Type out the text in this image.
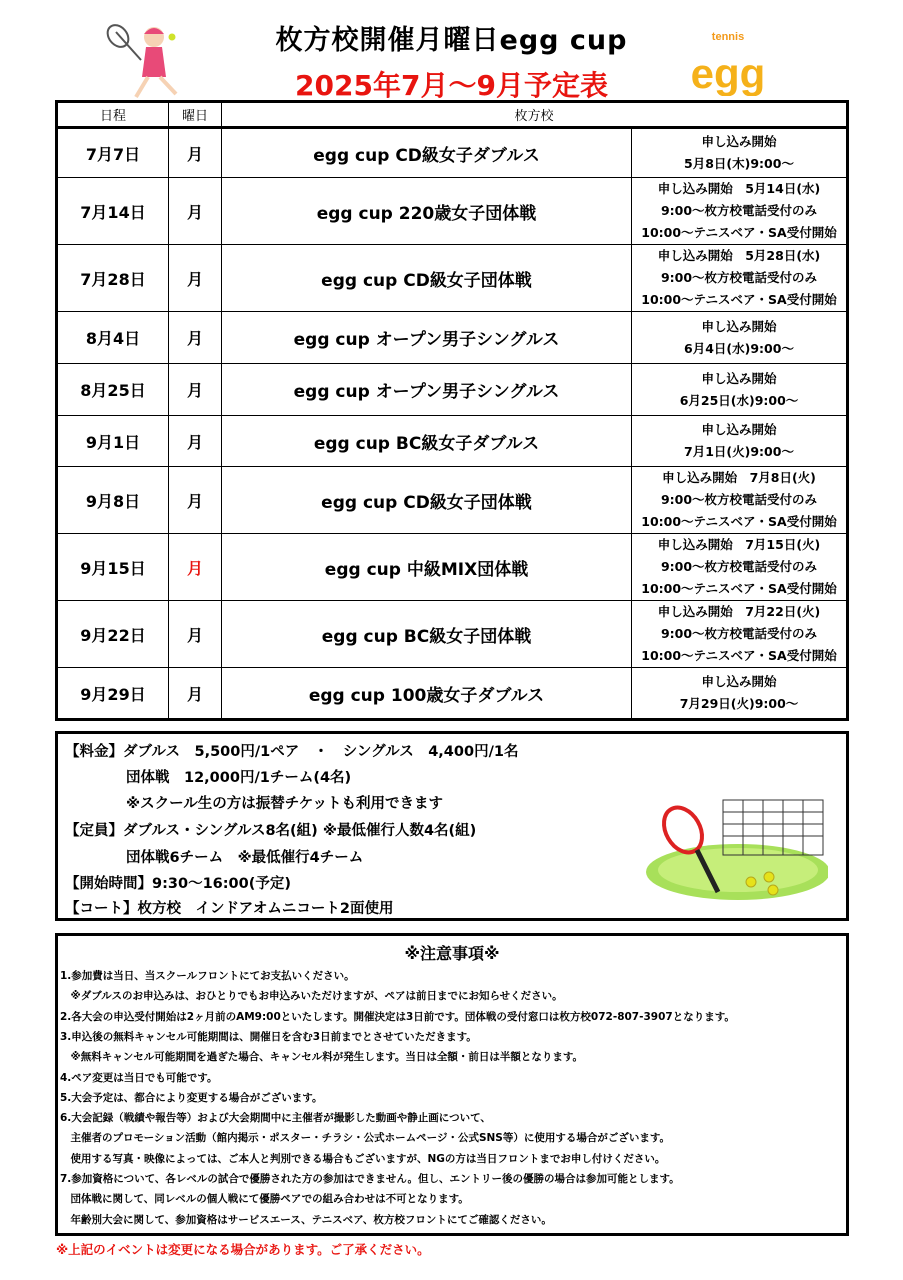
枚方校開催月曜日egg cup
2025年7月～9月予定表
tennis
egg
日程	曜日	枚方校	
7月7日	月	egg cup CD級女子ダブルス	申し込み開始
5月8日(木)9:00～

7月14日	月	egg cup 220歳女子団体戦	申し込み開始　5月14日(水)
9:00～枚方校電話受付のみ
10:00～テニスベア・SA受付開始

7月28日	月	egg cup CD級女子団体戦	申し込み開始　5月28日(水)
9:00～枚方校電話受付のみ
10:00～テニスベア・SA受付開始

8月4日	月	egg cup オープン男子シングルス	申し込み開始
6月4日(水)9:00～

8月25日	月	egg cup オープン男子シングルス	申し込み開始
6月25日(水)9:00～

9月1日	月	egg cup BC級女子ダブルス	申し込み開始
7月1日(火)9:00～

9月8日	月	egg cup CD級女子団体戦	申し込み開始　7月8日(火)
9:00～枚方校電話受付のみ
10:00～テニスベア・SA受付開始

9月15日	月	egg cup 中級MIX団体戦	申し込み開始　7月15日(火)
9:00～枚方校電話受付のみ
10:00～テニスベア・SA受付開始

9月22日	月	egg cup BC級女子団体戦	申し込み開始　7月22日(火)
9:00～枚方校電話受付のみ
10:00～テニスベア・SA受付開始

9月29日	月	egg cup 100歳女子ダブルス	申し込み開始
7月29日(火)9:00～
【料金】ダブルス　5,500円/1ペア　・　シングルス　4,400円/1名
団体戦　12,000円/1チーム(4名)
※スクール生の方は振替チケットも利用できます
【定員】ダブルス・シングルス8名(組) ※最低催行人数4名(組)
団体戦6チーム　※最低催行4チーム
【開始時間】9:30～16:00(予定)
【コート】枚方校　インドアオムニコート2面使用
※注意事項※
1.参加費は当日、当スクールフロントにてお支払いください。
　※ダブルスのお申込みは、おひとりでもお申込みいただけますが、ペアは前日までにお知らせください。
2.各大会の申込受付開始は2ヶ月前のAM9:00といたします。開催決定は3日前です。団体戦の受付窓口は枚方校072-807-3907となります。
3.申込後の無料キャンセル可能期間は、開催日を含む3日前までとさせていただきます。
　※無料キャンセル可能期間を過ぎた場合、キャンセル料が発生します。当日は全額・前日は半額となります。
4.ペア変更は当日でも可能です。
5.大会予定は、都合により変更する場合がございます。
6.大会記録（戦績や報告等）および大会期間中に主催者が撮影した動画や静止画について、
　主催者のプロモーション活動（館内掲示・ポスター・チラシ・公式ホームページ・公式SNS等）に使用する場合がございます。
　使用する写真・映像によっては、ご本人と判別できる場合もございますが、NGの方は当日フロントまでお申し付けください。
7.参加資格について、各レベルの試合で優勝された方の参加はできません。但し、エントリー後の優勝の場合は参加可能とします。
　団体戦に関して、同レベルの個人戦にて優勝ペアでの組み合わせは不可となります。
　年齢別大会に関して、参加資格はサービスエース、テニスベア、枚方校フロントにてご確認ください。
※上記のイベントは変更になる場合があります。ご了承ください。
